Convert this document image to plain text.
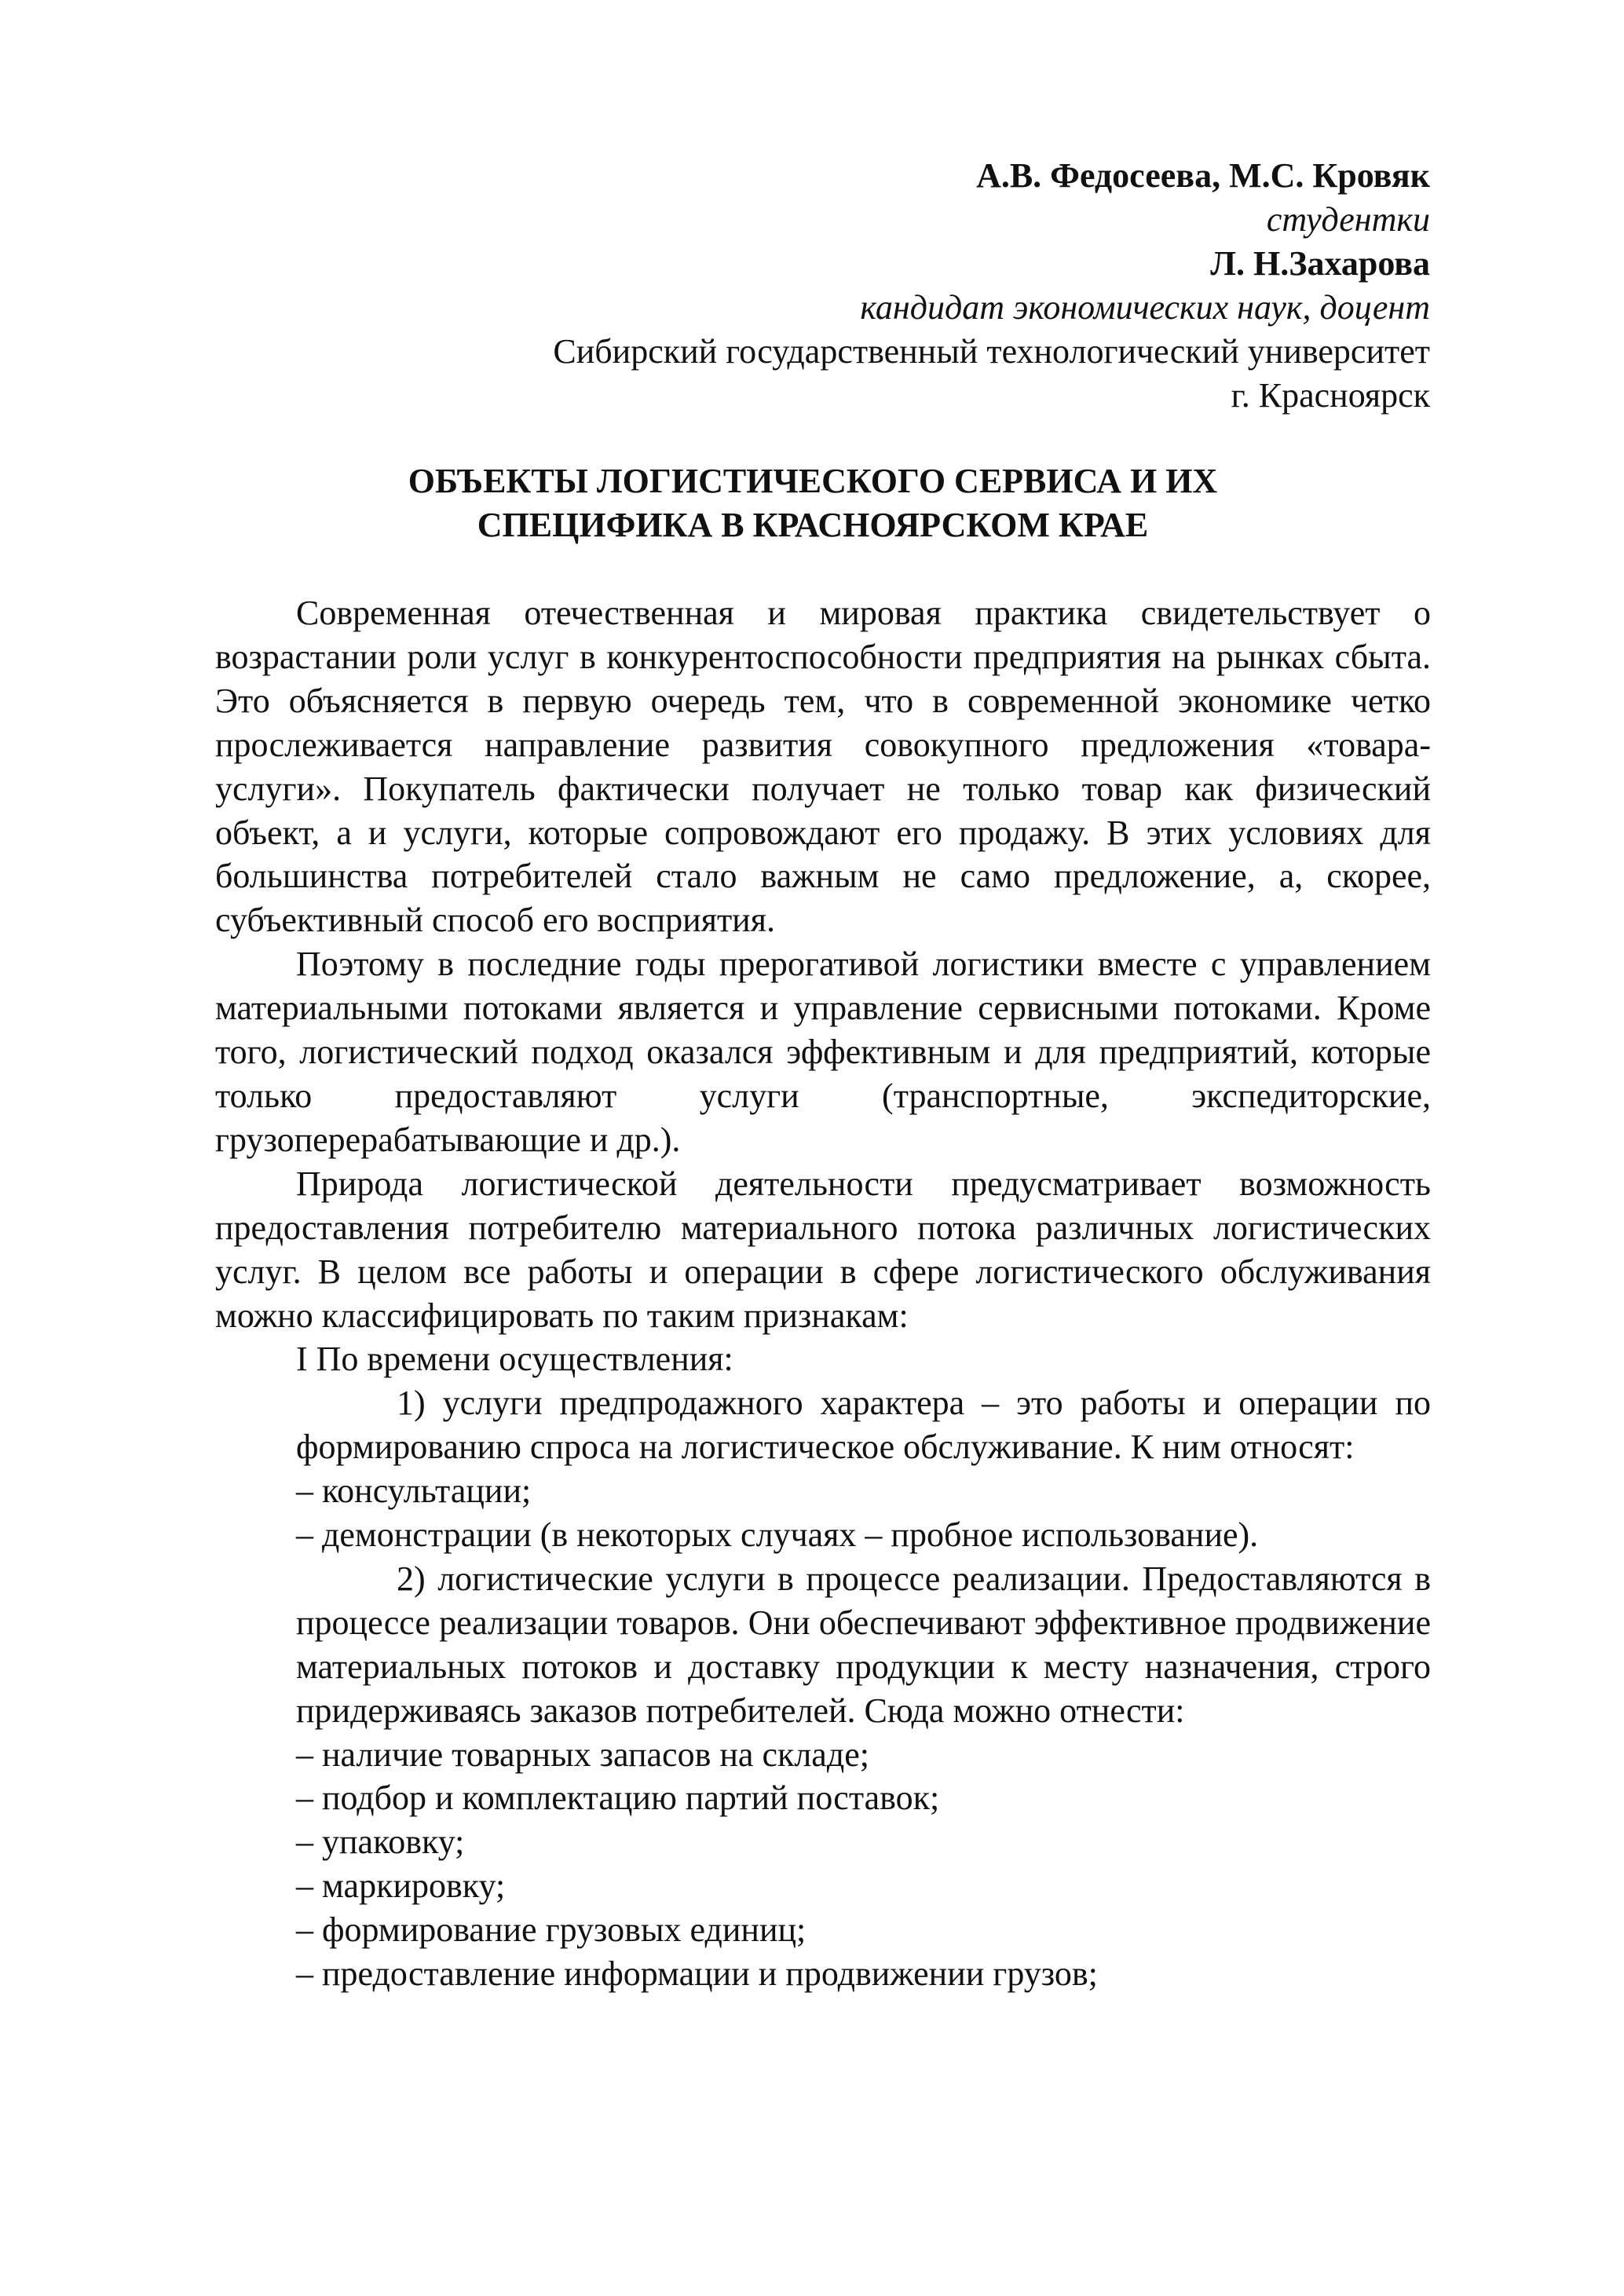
А.В. Федосеева, М.С. Кровяк
студентки
Л. Н.Захарова
кандидат экономических наук, доцент
Сибирский государственный технологический университет
г. Красноярск
ОБЪЕКТЫ ЛОГИСТИЧЕСКОГО СЕРВИСА И ИХ
СПЕЦИФИКА В КРАСНОЯРСКОМ КРАЕ

Современная отечественная и мировая практика свидетельствует о возрастании роли услуг в конкурентоспособности предприятия на рынках сбыта. Это объясняется в первую очередь тем, что в современной экономике четко прослеживается направление развития совокупного предложения «товара-услуги». Покупатель фактически получает не только товар как физический объект, а и услуги, которые сопровождают его продажу. В этих условиях для большинства потребителей стало важным не само предложение, а, скорее, субъективный способ его восприятия.

Поэтому в последние годы прерогативой логистики вместе с управлением материальными потоками является и управление сервисными потоками. Кроме того, логистический подход оказался эффективным и для предприятий, которые только предоставляют услуги (транспортные, экспедиторские, грузоперерабатывающие и др.).

Природа логистической деятельности предусматривает возможность предоставления потребителю материального потока различных логистических услуг. В целом все работы и операции в сфере логистического обслуживания можно классифицировать по таким признакам:

I По времени осуществления:

1) услуги предпродажного характера – это работы и операции по формированию спроса на логистическое обслуживание. К ним относят:

– консультации;
– демонстрации (в некоторых случаях – пробное использование).

2) логистические услуги в процессе реализации. Предоставляются в процессе реализации товаров. Они обеспечивают эффективное продвижение материальных потоков и доставку продукции к месту назначения, строго придерживаясь заказов потребителей. Сюда можно отнести:

– наличие товарных запасов на складе;
– подбор и комплектацию партий поставок;
– упаковку;
– маркировку;
– формирование грузовых единиц;
– предоставление информации и продвижении грузов;
